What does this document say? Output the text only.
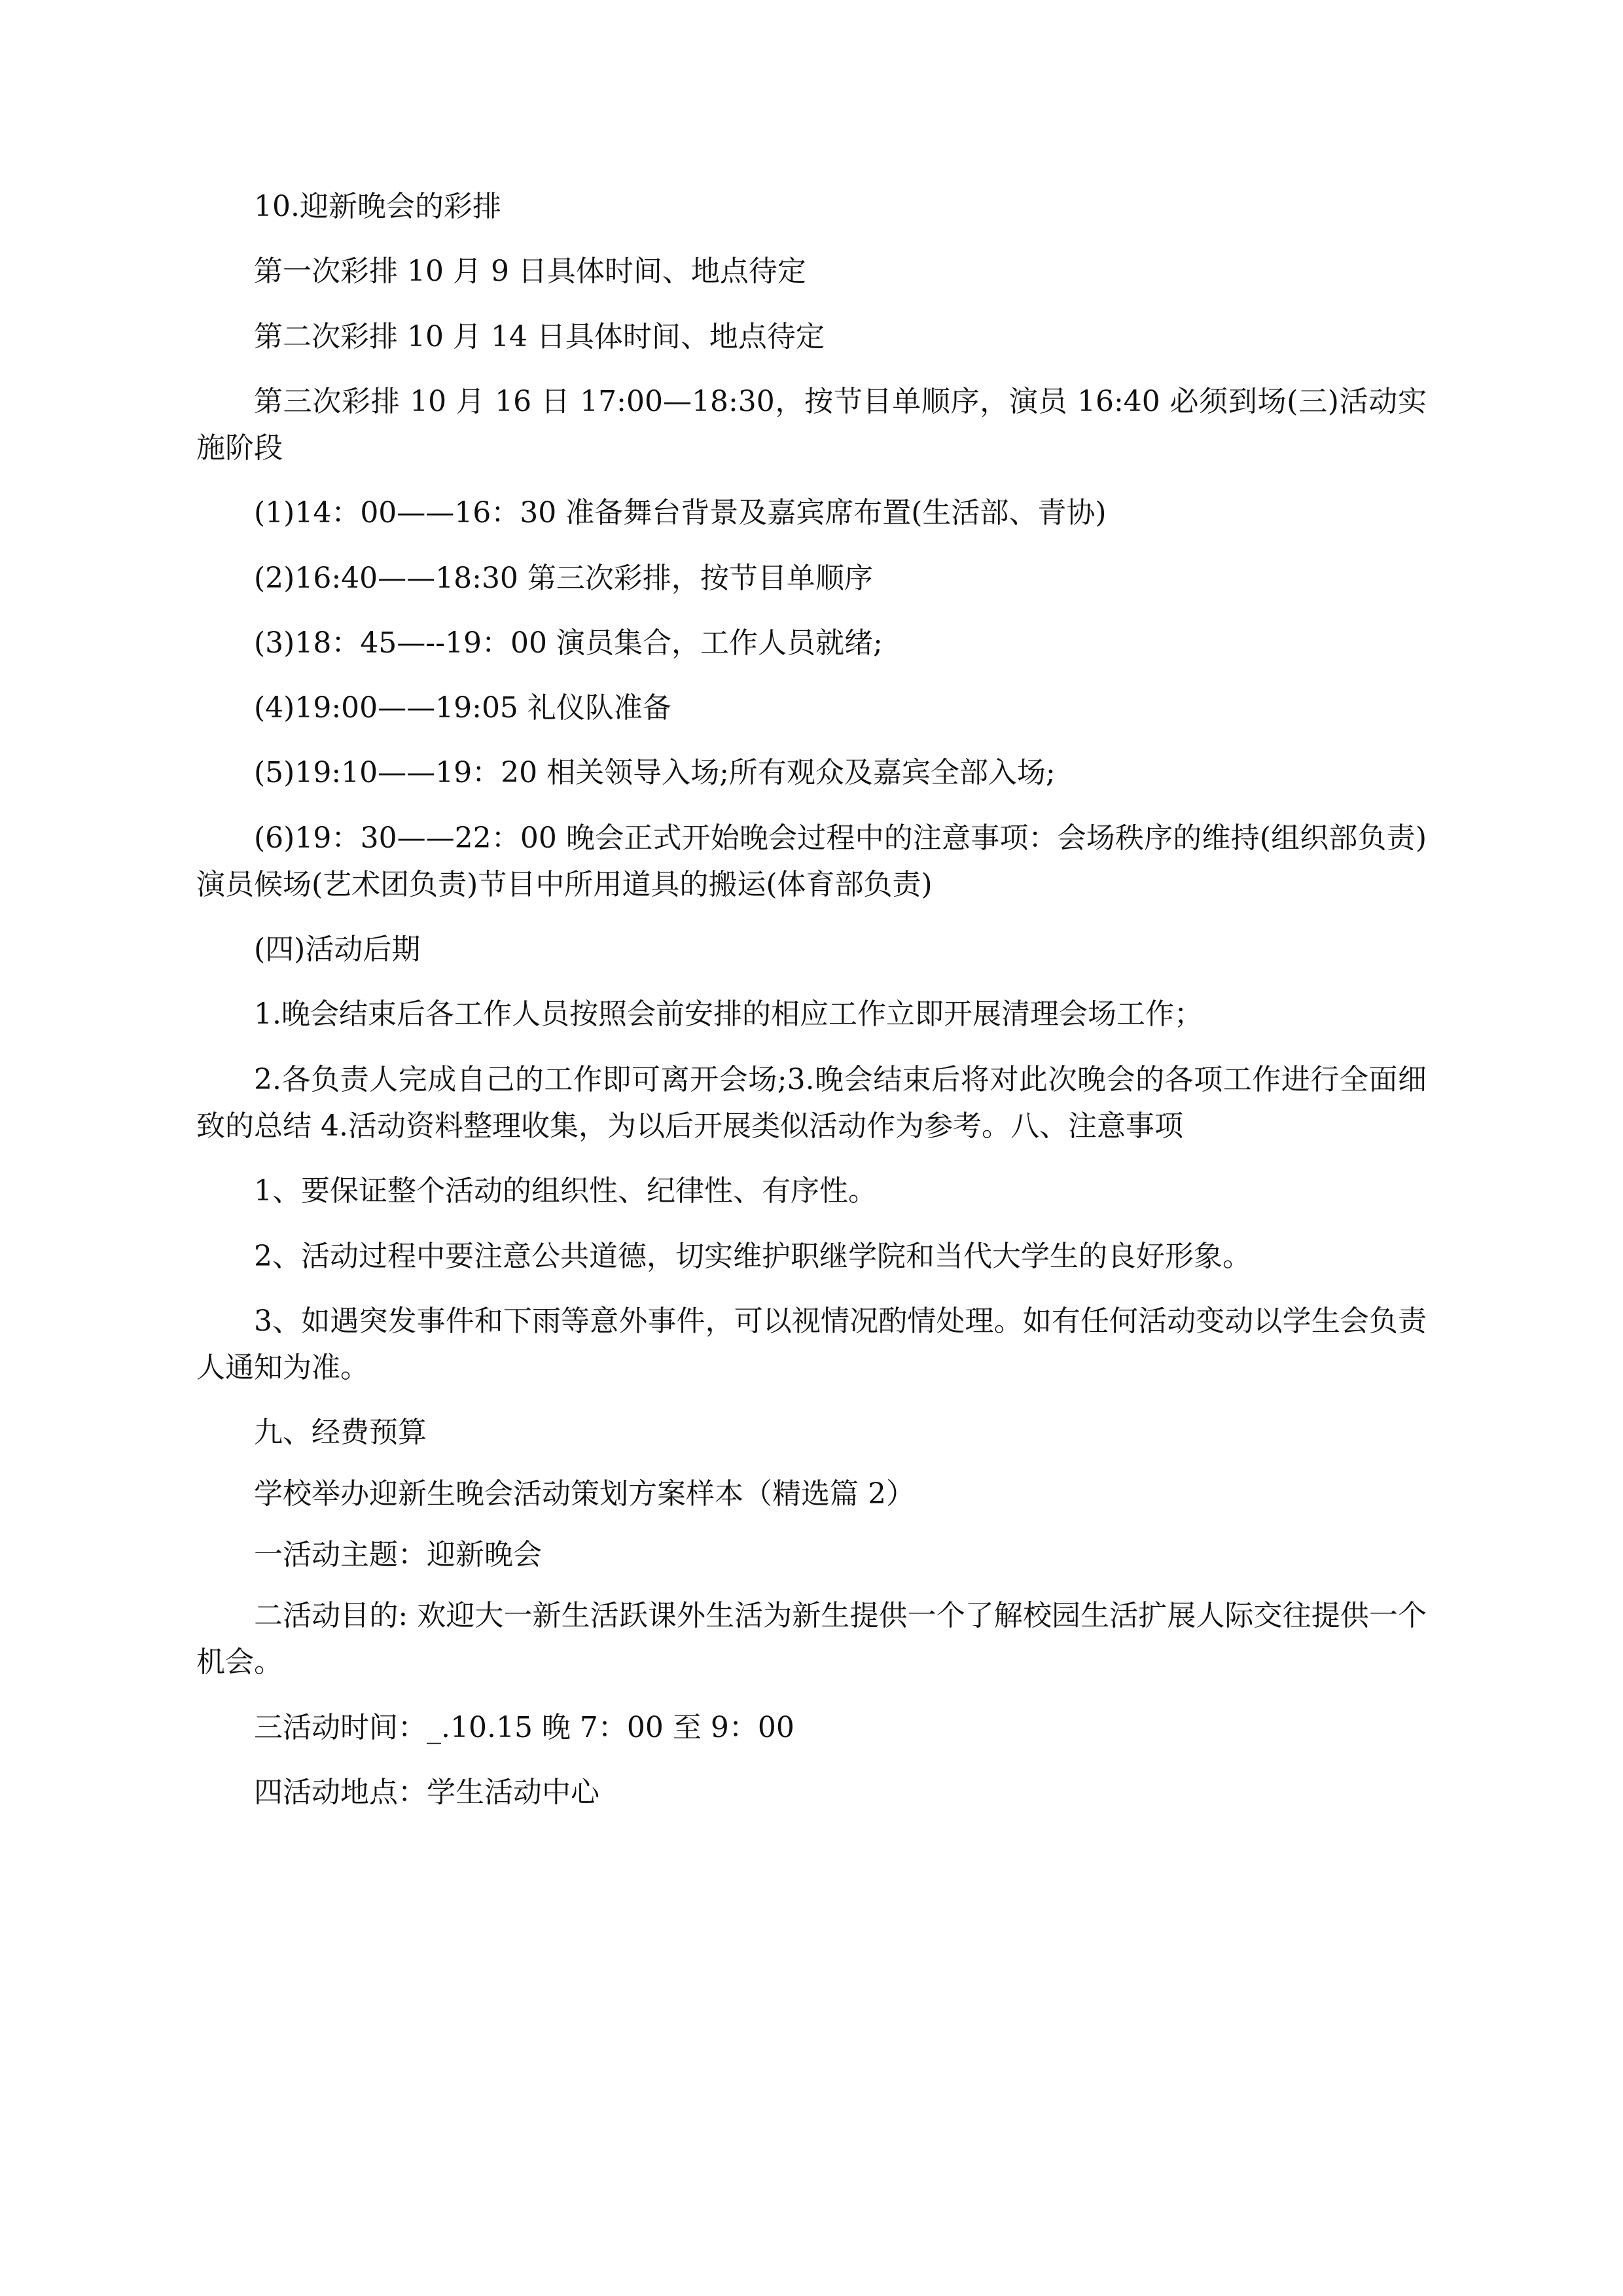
10.迎新晚会的彩排

第一次彩排 10 月 9 日具体时间、地点待定

第二次彩排 10 月 14 日具体时间、地点待定

第三次彩排 10 月 16 日 17:00—18:30，按节目单顺序，演员 16:40 必须到场(三)活动实施阶段

(1)14：00——16：30 准备舞台背景及嘉宾席布置(生活部、青协)

(2)16:40——18:30 第三次彩排，按节目单顺序

(3)18：45—--19：00 演员集合，工作人员就绪;

(4)19:00——19:05 礼仪队准备

(5)19:10——19：20 相关领导入场;所有观众及嘉宾全部入场;

(6)19：30——22：00 晚会正式开始晚会过程中的注意事项：会场秩序的维持(组织部负责)演员候场(艺术团负责)节目中所用道具的搬运(体育部负责)

(四)活动后期

1.晚会结束后各工作人员按照会前安排的相应工作立即开展清理会场工作；

2.各负责人完成自己的工作即可离开会场;3.晚会结束后将对此次晚会的各项工作进行全面细致的总结 4.活动资料整理收集，为以后开展类似活动作为参考。八、注意事项

1、要保证整个活动的组织性、纪律性、有序性。

2、活动过程中要注意公共道德，切实维护职继学院和当代大学生的良好形象。

3、如遇突发事件和下雨等意外事件，可以视情况酌情处理。如有任何活动变动以学生会负责人通知为准。

九、经费预算

学校举办迎新生晚会活动策划方案样本（精选篇 2）

一活动主题：迎新晚会

二活动目的: 欢迎大一新生活跃课外生活为新生提供一个了解校园生活扩展人际交往提供一个机会。

三活动时间：_.10.15 晚 7：00 至 9：00

四活动地点：学生活动中心
